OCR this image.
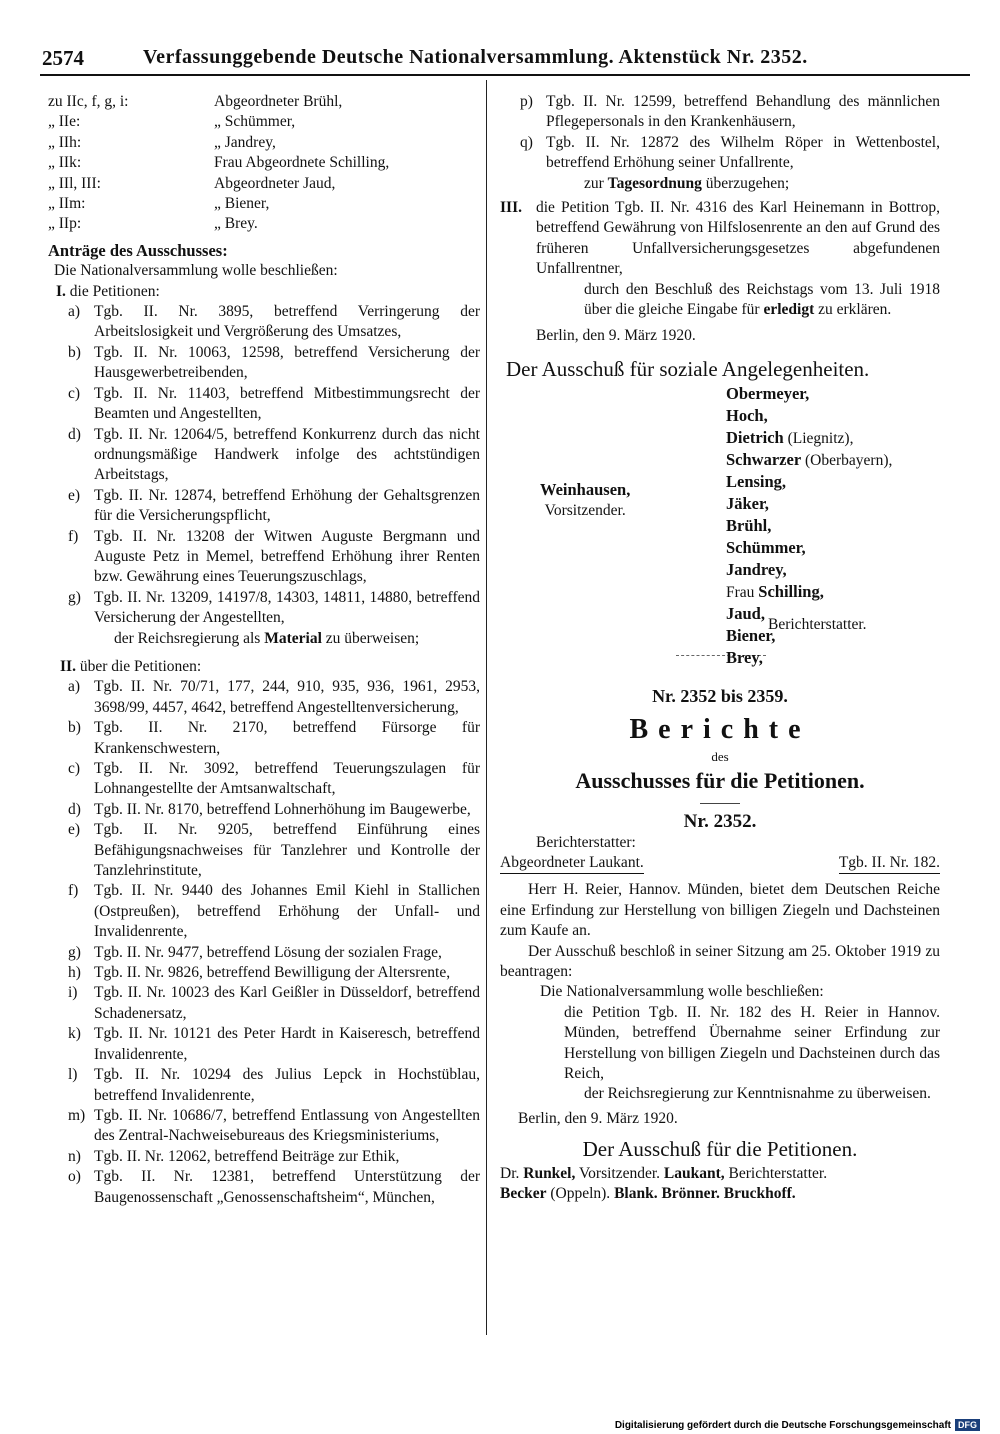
2574	Verfassunggebende Deutsche Nationalversammlung. Aktenstück Nr. 2352.
zu IIc, f, g, i:	Abgeordneter Brühl,
„ IIe:	„ Schümmer,
„ IIh:	„ Jandrey,
„ IIk:	Frau Abgeordnete Schilling,
„ IIl, III:	Abgeordneter Jaud,
„ IIm:	„ Biener,
„ IIp:	„ Brey.
Anträge des Ausschusses:
Die Nationalversammlung wolle beschließen:
I. die Petitionen:
a) Tgb. II. Nr. 3895, betreffend Verringerung der Arbeitslosigkeit und Vergrößerung des Umsatzes,
b) Tgb. II. Nr. 10063, 12598, betreffend Versicherung der Hausgewerbetreibenden,
c) Tgb. II. Nr. 11403, betreffend Mitbestimmungsrecht der Beamten und Angestellten,
d) Tgb. II. Nr. 12064/5, betreffend Konkurrenz durch das nicht ordnungsmäßige Handwerk infolge des achtstündigen Arbeitstags,
e) Tgb. II. Nr. 12874, betreffend Erhöhung der Gehaltsgrenzen für die Versicherungspflicht,
f)	Tgb. II. Nr. 13208 der Witwen Auguste Bergmann und Auguste Petz in Memel, betreffend Erhöhung ihrer Renten bzw. Gewährung eines Teuerungszuschlags,
g) Tgb. II. Nr. 13209, 14197/8, 14303, 14811, 14880, betreffend Versicherung der Angestellten,
der Reichsregierung als Material zu überweisen;
II. über die Petitionen:
a) Tgb. II. Nr. 70/71, 177, 244, 910, 935, 936, 1961, 2953, 3698/99, 4457, 4642, betreffend Angestelltenversicherung,
b) Tgb. II. Nr. 2170, betreffend Fürsorge für Krankenschwestern,
c) Tgb. II. Nr. 3092, betreffend Teuerungszulagen für Lohnangestellte der Amtsanwaltschaft,
d) Tgb. II. Nr. 8170, betreffend Lohnerhöhung im Baugewerbe,
e) Tgb. II. Nr. 9205, betreffend Einführung eines Befähigungsnachweises für Tanzlehrer und Kontrolle der Tanzlehrinstitute,
f)	Tgb. II. Nr. 9440 des Johannes Emil Kiehl in Stallichen (Ostpreußen), betreffend Erhöhung der Unfall- und Invalidenrente,
g) Tgb. II. Nr. 9477, betreffend Lösung der sozialen Frage,
h) Tgb. II. Nr. 9826, betreffend Bewilligung der Altersrente,
i)	Tgb. II. Nr. 10023 des Karl Geißler in Düsseldorf, betreffend Schadenersatz,
k) Tgb. II. Nr. 10121 des Peter Hardt in Kaiseresch, betreffend Invalidenrente,
l)	Tgb. II. Nr. 10294 des Julius Lepck in Hochstüblau, betreffend Invalidenrente,
m) Tgb. II. Nr. 10686/7, betreffend Entlassung von Angestellten des Zentral-Nachweisebureaus des Kriegsministeriums,
n) Tgb. II. Nr. 12062, betreffend Beiträge zur Ethik,
o) Tgb. II. Nr. 12381, betreffend Unterstützung der Baugenossenschaft „Genossenschaftsheim“, München,
p) Tgb. II. Nr. 12599, betreffend Behandlung des männlichen Pflegepersonals in den Krankenhäusern,
q) Tgb. II. Nr. 12872 des Wilhelm Röper in Wettenbostel, betreffend Erhöhung seiner Unfallrente,
zur Tagesordnung überzugehen;
III. die Petition Tgb. II. Nr. 4316 des Karl Heinemann in Bottrop, betreffend Gewährung von Hilfslosenrente an den auf Grund des früheren Unfallversicherungsgesetzes abgefundenen Unfallrentner,
durch den Beschluß des Reichstags vom 13. Juli 1918 über die gleiche Eingabe für erledigt zu erklären.
Berlin, den 9. März 1920.
Der Ausschuß für soziale Angelegenheiten.
Weinhausen,
Vorsitzender.
Obermeyer,
Hoch,
Dietrich (Liegnitz),
Schwarzer (Oberbayern),
Lensing,
Jäker,
Brühl,
Schümmer,
Jandrey,
Frau Schilling,
Jaud,
Biener,
Brey,
Berichterstatter.
Nr. 2352 bis 2359.
Berichte
des
Ausschusses für die Petitionen.
Nr. 2352.
Berichterstatter:
Abgeordneter Laukant.	Tgb. II. Nr. 182.
Herr H. Reier, Hannov. Münden, bietet dem Deutschen Reiche eine Erfindung zur Herstellung von billigen Ziegeln und Dachsteinen zum Kaufe an.
Der Ausschuß beschloß in seiner Sitzung am 25. Oktober 1919 zu beantragen:
Die Nationalversammlung wolle beschließen:
die Petition Tgb. II. Nr. 182 des H. Reier in Hannov. Münden, betreffend Übernahme seiner Erfindung zur Herstellung von billigen Ziegeln und Dachsteinen durch das Reich,
der Reichsregierung zur Kenntnisnahme zu überweisen.
Berlin, den 9. März 1920.
Der Ausschuß für die Petitionen.
Dr. Runkel, Vorsitzender. Laukant, Berichterstatter.
Becker (Oppeln). Blank. Brönner. Bruckhoff.
Digitalisierung gefördert durch die Deutsche Forschungsgemeinschaft DFG
